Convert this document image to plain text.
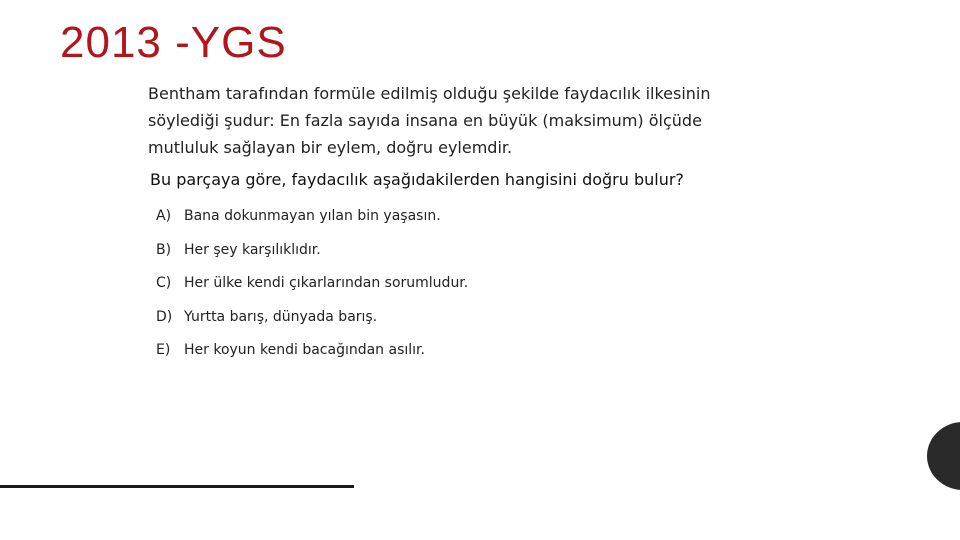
2013 -YGS

Bentham tarafından formüle edilmiş olduğu şekilde faydacılık ilkesinin söylediği şudur: En fazla sayıda insana en büyük (maksimum) ölçüde mutluluk sağlayan bir eylem, doğru eylemdir.

Bu parçaya göre, faydacılık aşağıdakilerden hangisini doğru bulur?

A) Bana dokunmayan yılan bin yaşasın.
B) Her şey karşılıklıdır.
C) Her ülke kendi çıkarlarından sorumludur.
D) Yurtta barış, dünyada barış.
E) Her koyun kendi bacağından asılır.
